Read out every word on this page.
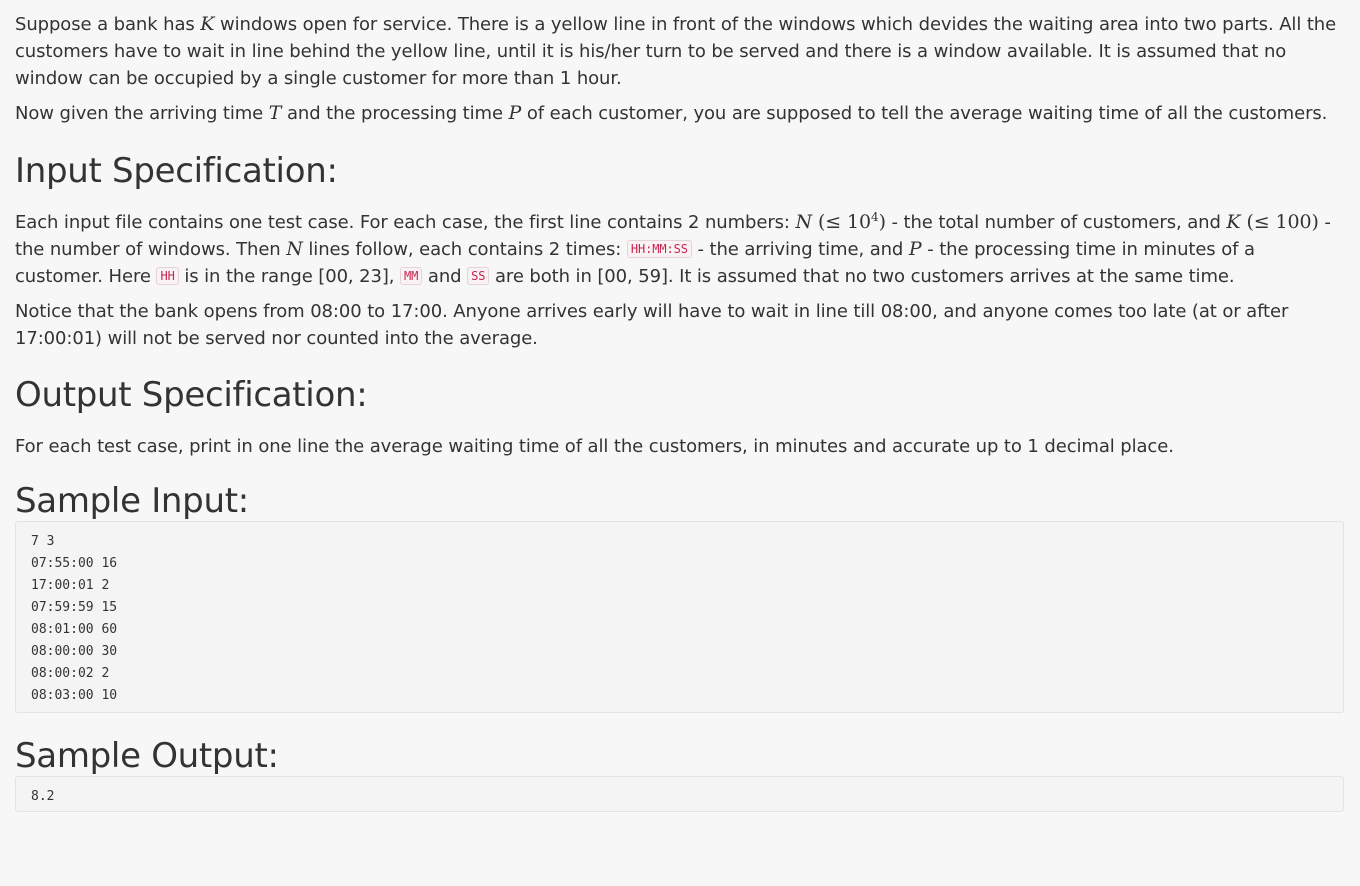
Suppose a bank has K windows open for service. There is a yellow line in front of the windows which devides the waiting area into two parts. All the customers have to wait in line behind the yellow line, until it is his/her turn to be served and there is a window available. It is assumed that no window can be occupied by a single customer for more than 1 hour.

Now given the arriving time T and the processing time P of each customer, you are supposed to tell the average waiting time of all the customers.

Input Specification:

Each input file contains one test case. For each case, the first line contains 2 numbers: N (≤ $10^4$) - the total number of customers, and K (≤ 100) - the number of windows. Then N lines follow, each contains 2 times: HH:MM:SS - the arriving time, and P - the processing time in minutes of a customer. Here HH is in the range [00, 23], MM and SS are both in [00, 59]. It is assumed that no two customers arrives at the same time.

Notice that the bank opens from 08:00 to 17:00. Anyone arrives early will have to wait in line till 08:00, and anyone comes too late (at or after 17:00:01) will not be served nor counted into the average.

Output Specification:

For each test case, print in one line the average waiting time of all the customers, in minutes and accurate up to 1 decimal place.

Sample Input:
7 3
07:55:00 16
17:00:01 2
07:59:59 15
08:01:00 60
08:00:00 30
08:00:02 2
08:03:00 10
Sample Output:
8.2
